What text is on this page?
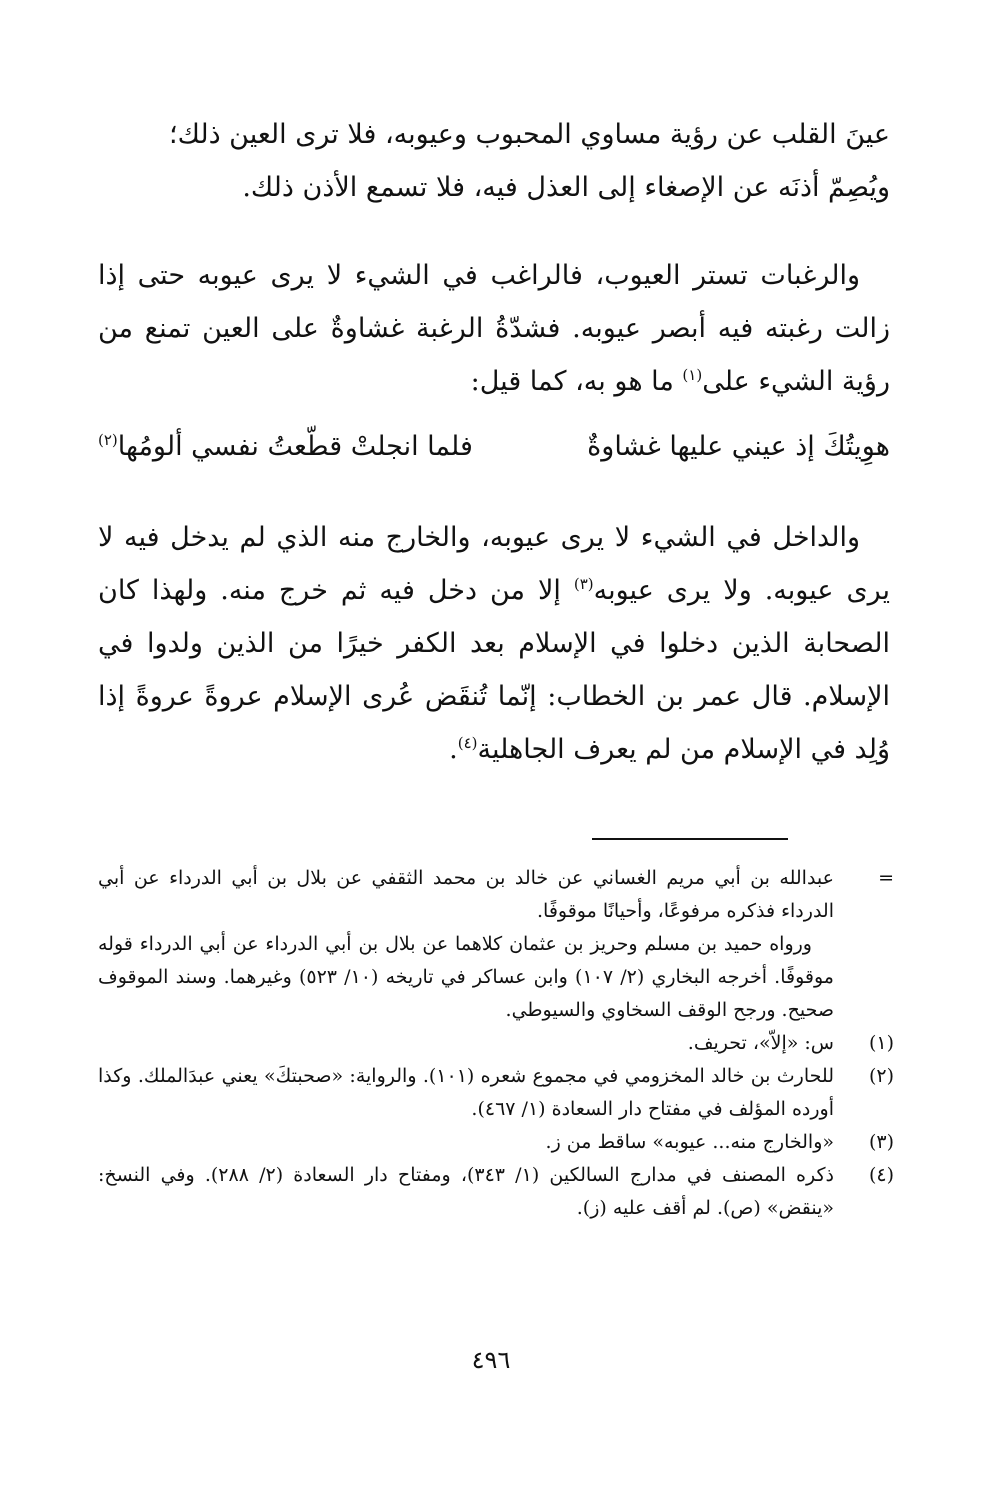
عينَ القلب عن رؤية مساوي المحبوب وعيوبه، فلا ترى العين ذلك؛
ويُصِمّ أذنَه عن الإصغاء إلى العذل فيه، فلا تسمع الأذن ذلك.

والرغبات تستر العيوب، فالراغب في الشيء لا يرى عيوبه حتى إذا زالت رغبته فيه أبصر عيوبه. فشدّةُ الرغبة غشاوةٌ على العين تمنع من رؤية الشيء على$^{(١)}$ ما هو به، كما قيل:

هوِيتُكَ إذ عيني عليها غشاوةٌ
فلما انجلتْ قطّعتُ نفسي ألومُها$^{(٢)}$

والداخل في الشيء لا يرى عيوبه، والخارج منه الذي لم يدخل فيه لا يرى عيوبه. ولا يرى عيوبه$^{(٣)}$ إلا من دخل فيه ثم خرج منه. ولهذا كان الصحابة الذين دخلوا في الإسلام بعد الكفر خيرًا من الذين ولدوا في الإسلام. قال عمر بن الخطاب: إنّما تُنقَض عُرى الإسلام عروةً عروةً إذا وُلِد في الإسلام من لم يعرف الجاهلية$^{(٤)}$.

=

عبدالله بن أبي مريم الغساني عن خالد بن محمد الثقفي عن بلال بن أبي الدرداء عن أبي الدرداء فذكره مرفوعًا، وأحيانًا موقوفًا.

ورواه حميد بن مسلم وحريز بن عثمان كلاهما عن بلال بن أبي الدرداء عن أبي الدرداء قوله موقوفًا. أخرجه البخاري (٢/ ١٠٧) وابن عساكر في تاريخه (١٠/ ٥٢٣) وغيرهما. وسند الموقوف صحيح. ورجح الوقف السخاوي والسيوطي.

(١)

س: «إلاّ»، تحريف.

(٢)

للحارث بن خالد المخزومي في مجموع شعره (١٠١). والرواية: «صحبتكَ» يعني عبدَالملك. وكذا أورده المؤلف في مفتاح دار السعادة (١/ ٤٦٧).

(٣)

«والخارج منه... عيوبه» ساقط من ز.

(٤)

ذكره المصنف في مدارج السالكين (١/ ٣٤٣)، ومفتاح دار السعادة (٢/ ٢٨٨). وفي النسخ: «ينقض» (ص). لم أقف عليه (ز).

٤٩٦
